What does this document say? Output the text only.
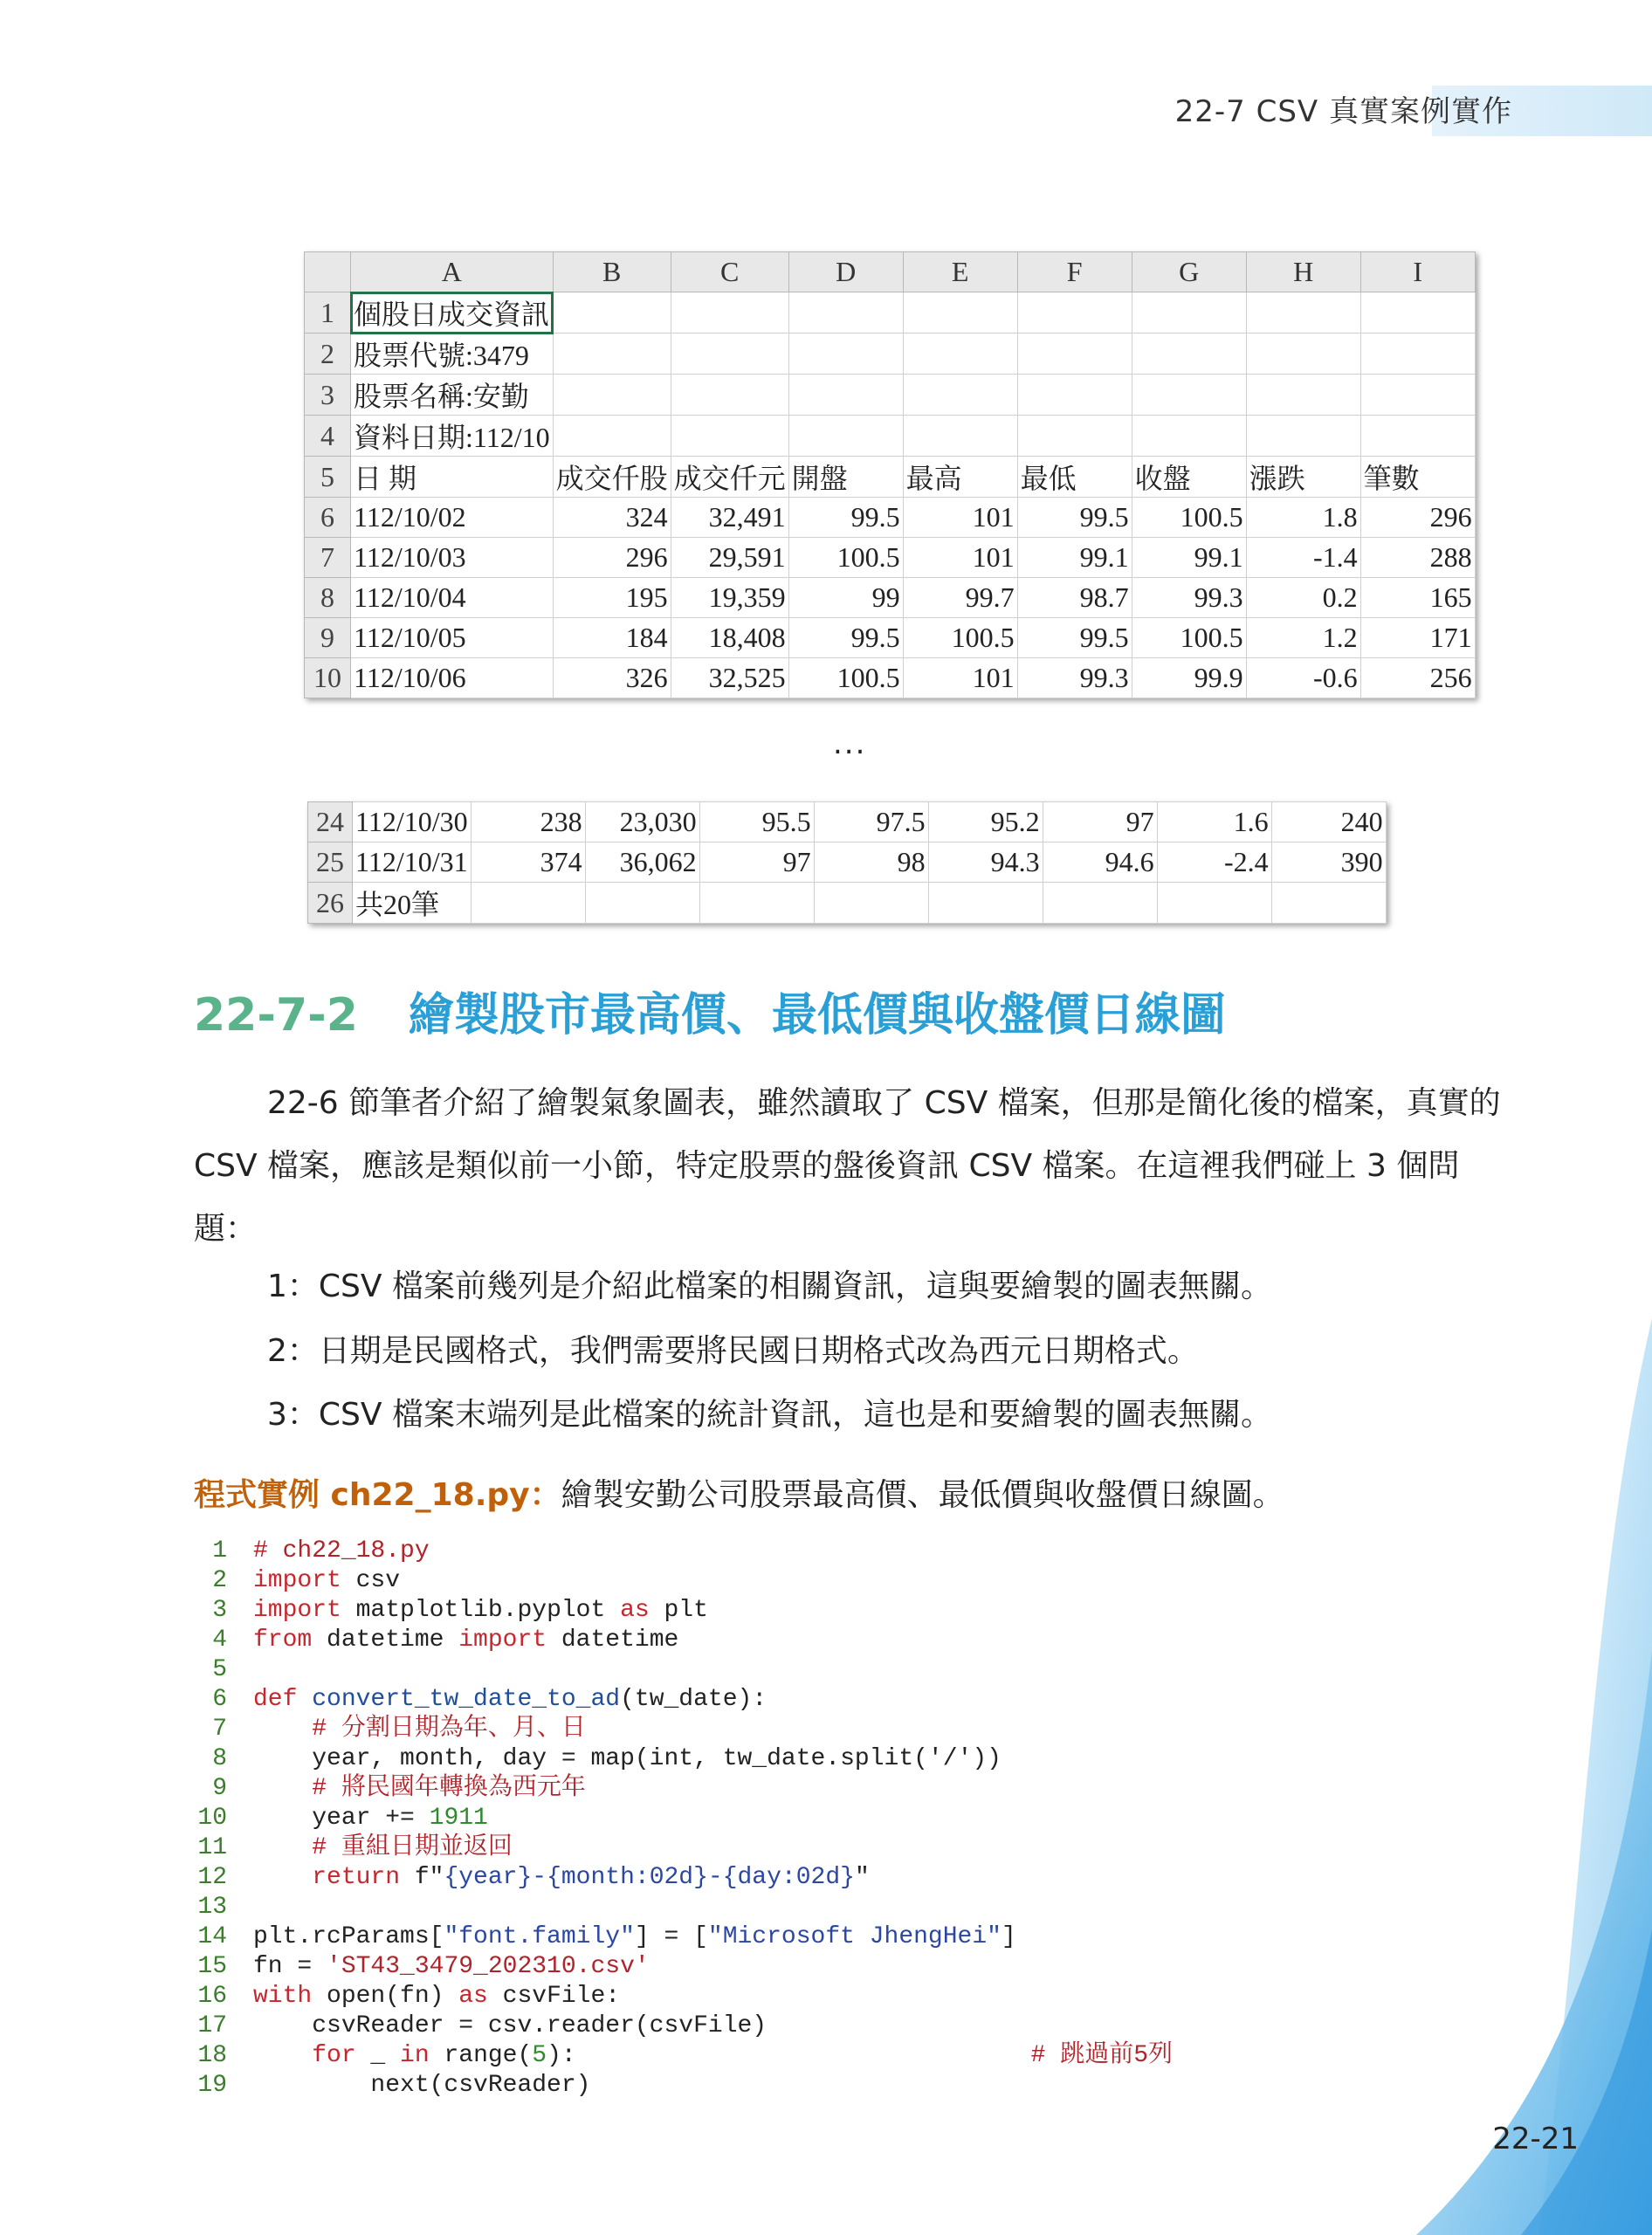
22-7 CSV 真實案例實作
	A	B	C	D	E	F	G	H	I
1	個股日成交資訊								
2	股票代號:3479								
3	股票名稱:安勤								
4	資料日期:112/10								
5	日 期	成交仟股	成交仟元	開盤	最高	最低	收盤	漲跌	筆數
6	112/10/02	324	32,491	99.5	101	99.5	100.5	1.8	296
7	112/10/03	296	29,591	100.5	101	99.1	99.1	-1.4	288
8	112/10/04	195	19,359	99	99.7	98.7	99.3	0.2	165
9	112/10/05	184	18,408	99.5	100.5	99.5	100.5	1.2	171
10	112/10/06	326	32,525	100.5	101	99.3	99.9	-0.6	256
...
24	112/10/30	238	23,030	95.5	97.5	95.2	97	1.6	240
25	112/10/31	374	36,062	97	98	94.3	94.6	-2.4	390
26	共20筆								
22-7-2 繪製股市最高價、最低價與收盤價日線圖
22-6 節筆者介紹了繪製氣象圖表，雖然讀取了 CSV 檔案，但那是簡化後的檔案，真實的 CSV 檔案，應該是類似前一小節，特定股票的盤後資訊 CSV 檔案。在這裡我們碰上 3 個問題：
1：CSV 檔案前幾列是介紹此檔案的相關資訊，這與要繪製的圖表無關。
2：日期是民國格式，我們需要將民國日期格式改為西元日期格式。
3：CSV 檔案末端列是此檔案的統計資訊，這也是和要繪製的圖表無關。
程式實例 ch22_18.py：繪製安勤公司股票最高價、最低價與收盤價日線圖。
1 # ch22_18.py
2 import csv
3 import matplotlib.pyplot as plt
4 from datetime import datetime
5
6 def convert_tw_date_to_ad(tw_date):
7    # 分割日期為年、月、日
8    year, month, day = map(int, tw_date.split('/'))
9    # 將民國年轉換為西元年
10    year += 1911
11    # 重組日期並返回
12    return f"{year}-{month:02d}-{day:02d}"
13
14 plt.rcParams["font.family"] = ["Microsoft JhengHei"]
15 fn = 'ST43_3479_202310.csv'
16 with open(fn) as csvFile:
17    csvReader = csv.reader(csvFile)
18    for _ in range(5):	# 跳過前5列
19        next(csvReader)
22-21
